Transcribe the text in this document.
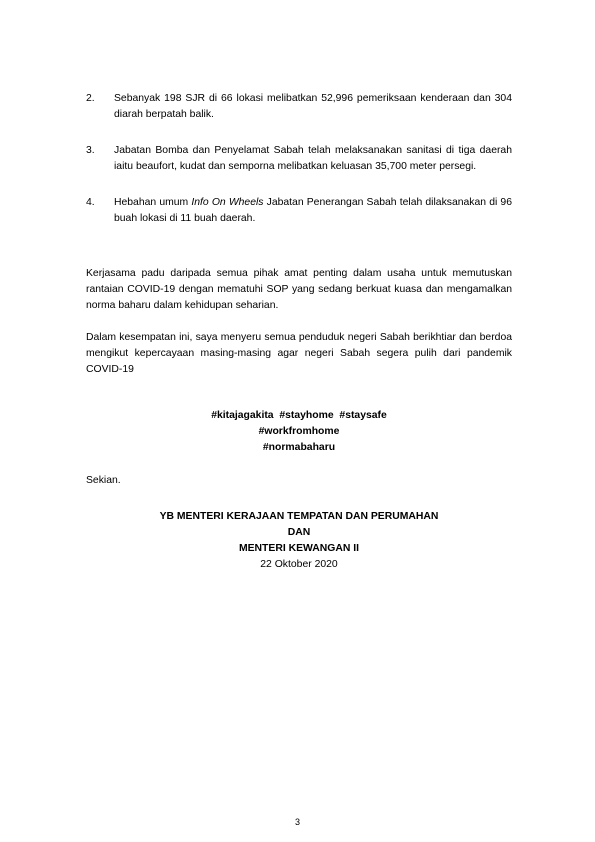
2.	Sebanyak 198 SJR di 66 lokasi melibatkan 52,996 pemeriksaan kenderaan dan 304 diarah berpatah balik.
3.	Jabatan Bomba dan Penyelamat Sabah telah melaksanakan sanitasi di tiga daerah iaitu beaufort, kudat dan semporna melibatkan keluasan 35,700 meter persegi.
4.	Hebahan umum Info On Wheels Jabatan Penerangan Sabah telah dilaksanakan di 96 buah lokasi di 11 buah daerah.

Kerjasama padu daripada semua pihak amat penting dalam usaha untuk memutuskan rantaian COVID-19 dengan mematuhi SOP yang sedang berkuat kuasa dan mengamalkan norma baharu dalam kehidupan seharian.

Dalam kesempatan ini, saya menyeru semua penduduk negeri Sabah berikhtiar dan berdoa mengikut kepercayaan masing-masing agar negeri Sabah segera pulih dari pandemik COVID-19

#kitajagakita  #stayhome  #staysafe
#workfromhome
#normabaharu
Sekian.
YB MENTERI KERAJAAN TEMPATAN DAN PERUMAHAN
DAN
MENTERI KEWANGAN II
22 Oktober 2020
3
